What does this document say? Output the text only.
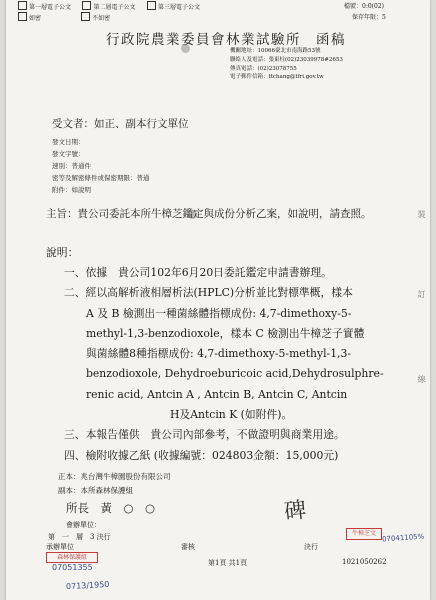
裝
訂
線
第一層電子公文	第二層電子公文	第三層電子公文
如密	不如密
檔號：0:0(02)
保存年限：5
行政院農業委員會林業試驗所　函稿
機關地址：10066臺北市南海路53號
聯絡人及電話：張東柱(02)23039978#2653
傳真電話：(02)23078755
電子郵件信箱：ttchang@tfri.gov.tw
受文者：如正、副本行文單位
發文日期：
發文字號：
速別：普通件
密等及解密條件或保密期限：普通
附件：如說明
主旨：貴公司委託本所牛樟芝鑑定與成份分析乙案，如說明，請查照。
說明：
一、依據　貴公司102年6月20日委託鑑定申請書辦理。
二、經以高解析液相層析法(HPLC)分析並比對標準概，樣本
A 及 B 檢測出一種菌絲體指標成份: 4,7-dimethoxy-5-
methyl-1,3-benzodioxole，樣本 C 檢測出牛樟芝子實體
與菌絲體8種指標成份: 4,7-dimethoxy-5-methyl-1,3-
benzodioxole, Dehydroeburicoic acid,Dehydrosulphre-
renic acid, Antcin A , Antcin B, Antcin C, Antcin
H及Antcin K (如附件)。
三、本報告僅供　貴公司內部參考，不做證明與商業用途。
四、檢附收據乙紙 (收據編號：024803金額：15,000元)
正本：兆台灣牛樟園股份有限公司
副本：本所森林保護組
所長　黃　○　○	碑
牛樟芝文 07041105%
會辦單位：
第　一　層　3 決行
承辦單位	審核	決行
森林保護組
07051355
0713/1950
第1頁 共1頁	1021050262
